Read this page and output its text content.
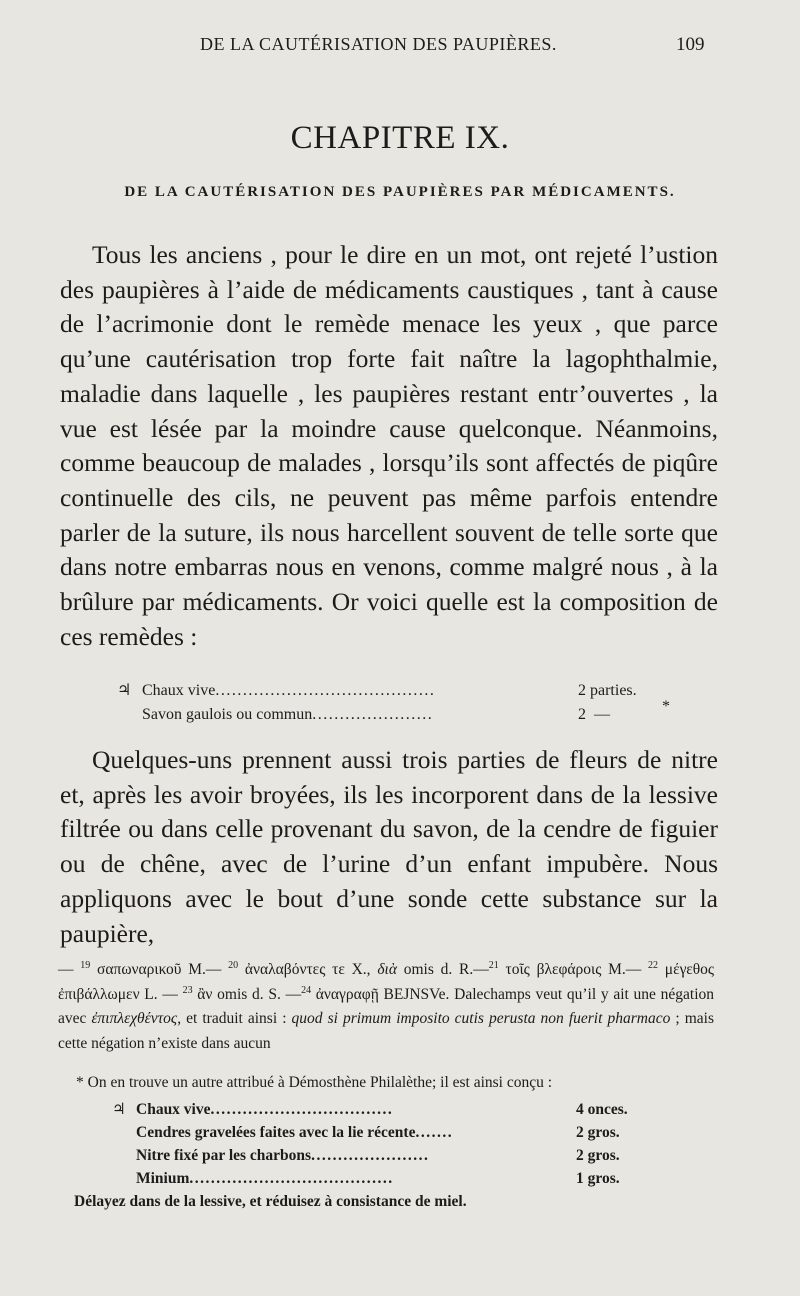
DE LA CAUTÉRISATION DES PAUPIÈRES.	109
CHAPITRE IX.
DE LA CAUTÉRISATION DES PAUPIÈRES PAR MÉDICAMENTS.
Tous les anciens , pour le dire en un mot, ont rejeté l’ustion des paupières à l’aide de médicaments caustiques , tant à cause de l’acrimonie dont le remède menace les yeux , que parce qu’une cautérisation trop forte fait naître la lagophthalmie, maladie dans laquelle , les paupières restant entr’ouvertes , la vue est lésée par la moindre cause quelconque. Néanmoins, comme beaucoup de malades , lorsqu’ils sont affectés de piqûre continuelle des cils, ne peuvent pas même parfois entendre parler de la suture, ils nous harcellent souvent de telle sorte que dans notre embarras nous en venons, comme malgré nous , à la brûlure par médicaments. Or voici quelle est la composition de ces remèdes :
♃ Chaux vive........................................	2 parties.
Savon gaulois ou commun......................	2  —	*
Quelques-uns prennent aussi trois parties de fleurs de nitre et, après les avoir broyées, ils les incorporent dans de la lessive filtrée ou dans celle provenant du savon, de la cendre de figuier ou de chêne, avec de l’urine d’un enfant impubère. Nous appliquons avec le bout d’une sonde cette substance sur la paupière,
— $^{19}$ σαπωναρικοῦ M.— $^{20}$ ἀναλαβόντες τε X., διὰ omis d. R.—$^{21}$ τοῖς βλεφάροις M.— $^{22}$ μέγεθος ἐπιβάλλωμεν L. — $^{23}$ ἂν omis d. S. —$^{24}$ ἀναγραφῇ BEJNSVe. Dalechamps veut qu’il y ait une négation avec ἐπιπλεχθέντος, et traduit ainsi : quod si primum imposito cutis perusta non fuerit pharmaco ; mais cette négation n’existe dans aucun
* On en trouve un autre attribué à Démosthène Philalèthe; il est ainsi conçu :
♃ Chaux vive..................................	4 onces.
Cendres gravelées faites avec la lie récente.......	2 gros.
Nitre fixé par les charbons......................	2 gros.
Minium......................................	1 gros.
Délayez dans de la lessive, et réduisez à consistance de miel.
